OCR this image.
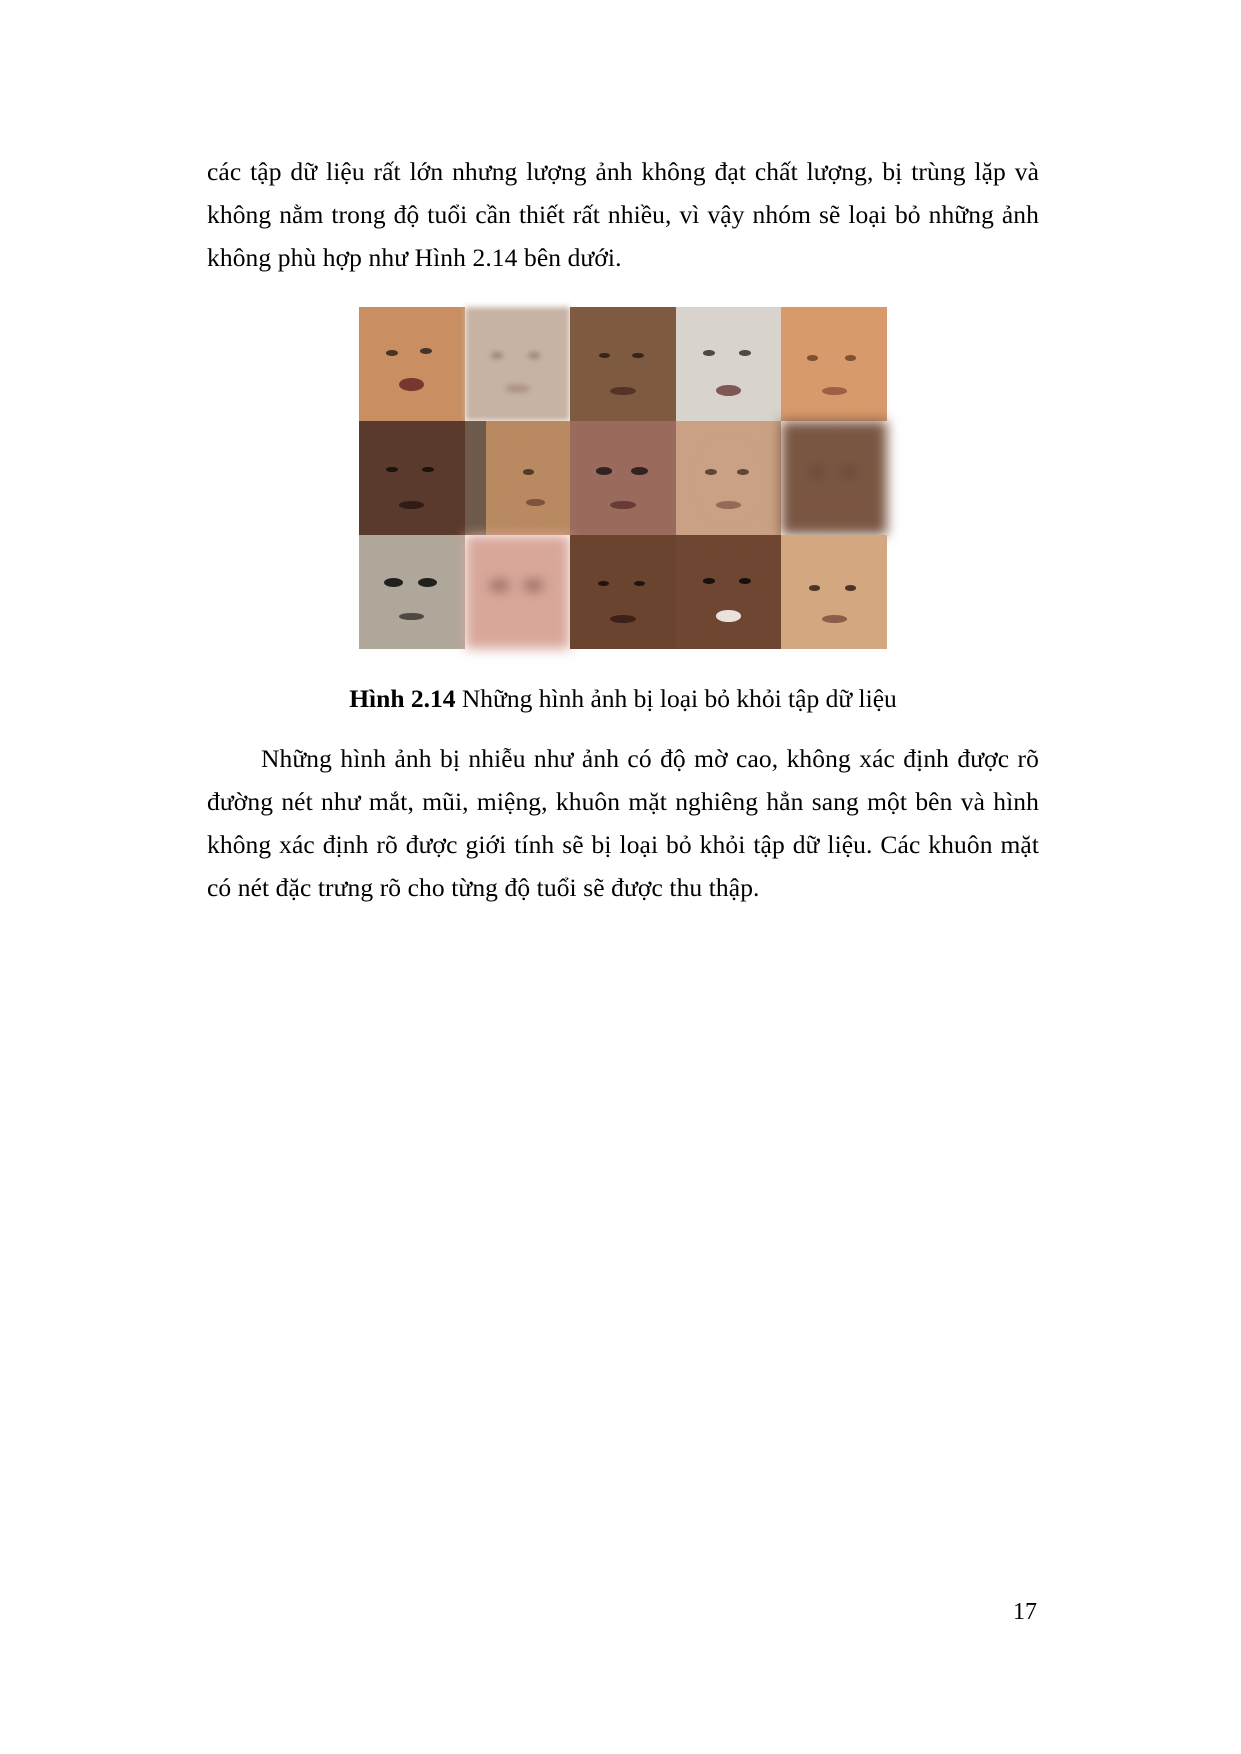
các tập dữ liệu rất lớn nhưng lượng ảnh không đạt chất lượng, bị trùng lặp và không nằm trong độ tuổi cần thiết rất nhiều, vì vậy nhóm sẽ loại bỏ những ảnh không phù hợp như Hình 2.14 bên dưới.

Hình 2.14 Những hình ảnh bị loại bỏ khỏi tập dữ liệu

Những hình ảnh bị nhiễu như ảnh có độ mờ cao, không xác định được rõ đường nét như mắt, mũi, miệng, khuôn mặt nghiêng hẳn sang một bên và hình không xác định rõ được giới tính sẽ bị loại bỏ khỏi tập dữ liệu. Các khuôn mặt có nét đặc trưng rõ cho từng độ tuổi sẽ được thu thập.

17
